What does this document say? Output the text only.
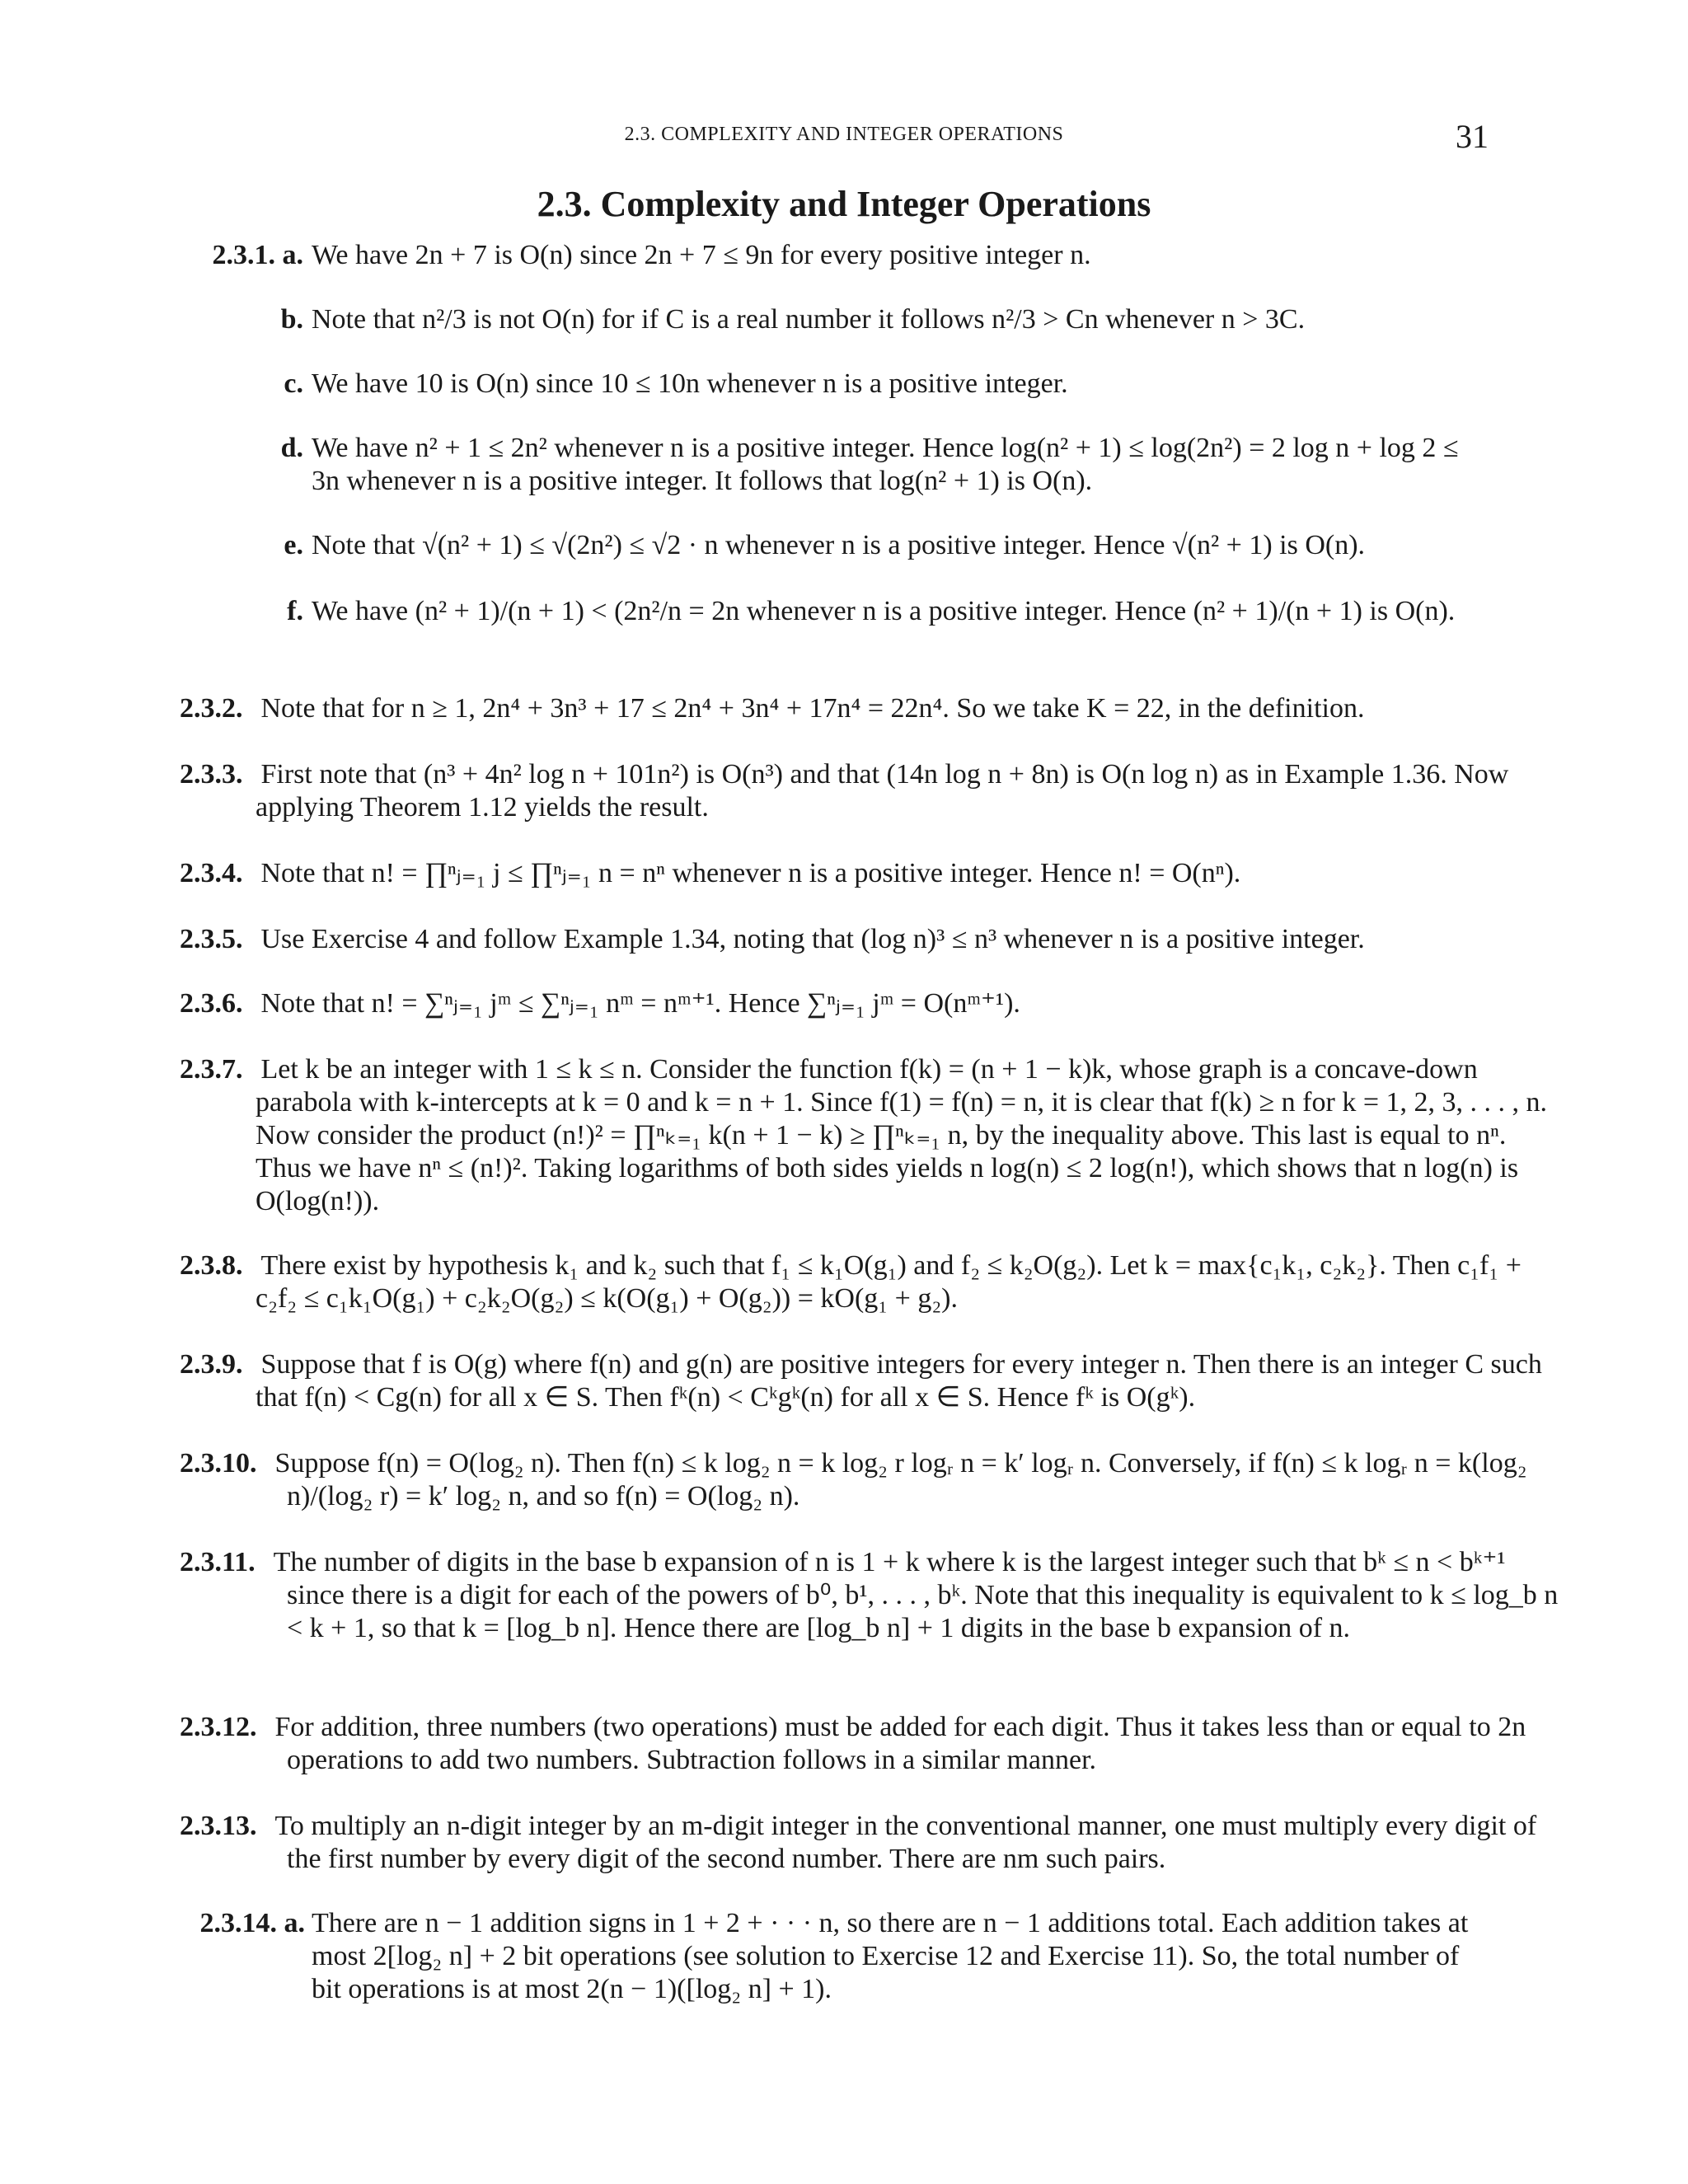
2.3. COMPLEXITY AND INTEGER OPERATIONS	31
2.3. Complexity and Integer Operations
2.3.1. a. We have 2n + 7 is O(n) since 2n + 7 ≤ 9n for every positive integer n.
b. Note that n²/3 is not O(n) for if C is a real number it follows n²/3 > Cn whenever n > 3C.
c. We have 10 is O(n) since 10 ≤ 10n whenever n is a positive integer.
d. We have n² + 1 ≤ 2n² whenever n is a positive integer. Hence log(n² + 1) ≤ log(2n²) = 2 log n + log 2 ≤ 3n whenever n is a positive integer. It follows that log(n² + 1) is O(n).
e. Note that √(n² + 1) ≤ √(2n²) ≤ √2 · n whenever n is a positive integer. Hence √(n² + 1) is O(n).
f. We have (n² + 1)/(n + 1) < (2n²/n = 2n whenever n is a positive integer. Hence (n² + 1)/(n + 1) is O(n).
2.3.2. Note that for n ≥ 1, 2n⁴ + 3n³ + 17 ≤ 2n⁴ + 3n⁴ + 17n⁴ = 22n⁴. So we take K = 22, in the definition.
2.3.3. First note that (n³ + 4n² log n + 101n²) is O(n³) and that (14n log n + 8n) is O(n log n) as in Example 1.36. Now applying Theorem 1.12 yields the result.
2.3.4. Note that n! = ∏ⁿⱼ₌₁ j ≤ ∏ⁿⱼ₌₁ n = nⁿ whenever n is a positive integer. Hence n! = O(nⁿ).
2.3.5. Use Exercise 4 and follow Example 1.34, noting that (log n)³ ≤ n³ whenever n is a positive integer.
2.3.6. Note that n! = ∑ⁿⱼ₌₁ jᵐ ≤ ∑ⁿⱼ₌₁ nᵐ = nᵐ⁺¹. Hence ∑ⁿⱼ₌₁ jᵐ = O(nᵐ⁺¹).
2.3.7. Let k be an integer with 1 ≤ k ≤ n. Consider the function f(k) = (n + 1 − k)k, whose graph is a concave-down parabola with k-intercepts at k = 0 and k = n + 1. Since f(1) = f(n) = n, it is clear that f(k) ≥ n for k = 1, 2, 3, . . . , n. Now consider the product (n!)² = ∏ⁿₖ₌₁ k(n + 1 − k) ≥ ∏ⁿₖ₌₁ n, by the inequality above. This last is equal to nⁿ. Thus we have nⁿ ≤ (n!)². Taking logarithms of both sides yields n log(n) ≤ 2 log(n!), which shows that n log(n) is O(log(n!)).
2.3.8. There exist by hypothesis k₁ and k₂ such that f₁ ≤ k₁O(g₁) and f₂ ≤ k₂O(g₂). Let k = max{c₁k₁, c₂k₂}. Then c₁f₁ + c₂f₂ ≤ c₁k₁O(g₁) + c₂k₂O(g₂) ≤ k(O(g₁) + O(g₂)) = kO(g₁ + g₂).
2.3.9. Suppose that f is O(g) where f(n) and g(n) are positive integers for every integer n. Then there is an integer C such that f(n) < Cg(n) for all x ∈ S. Then fᵏ(n) < Cᵏgᵏ(n) for all x ∈ S. Hence fᵏ is O(gᵏ).
2.3.10. Suppose f(n) = O(log₂ n). Then f(n) ≤ k log₂ n = k log₂ r logᵣ n = k′ logᵣ n. Conversely, if f(n) ≤ k logᵣ n = k(log₂ n)/(log₂ r) = k′ log₂ n, and so f(n) = O(log₂ n).
2.3.11. The number of digits in the base b expansion of n is 1 + k where k is the largest integer such that bᵏ ≤ n < bᵏ⁺¹ since there is a digit for each of the powers of b⁰, b¹, . . . , bᵏ. Note that this inequality is equivalent to k ≤ log_b n < k + 1, so that k = [log_b n]. Hence there are [log_b n] + 1 digits in the base b expansion of n.
2.3.12. For addition, three numbers (two operations) must be added for each digit. Thus it takes less than or equal to 2n operations to add two numbers. Subtraction follows in a similar manner.
2.3.13. To multiply an n-digit integer by an m-digit integer in the conventional manner, one must multiply every digit of the first number by every digit of the second number. There are nm such pairs.
2.3.14. a. There are n − 1 addition signs in 1 + 2 + · · · n, so there are n − 1 additions total. Each addition takes at most 2[log₂ n] + 2 bit operations (see solution to Exercise 12 and Exercise 11). So, the total number of bit operations is at most 2(n − 1)([log₂ n] + 1).
